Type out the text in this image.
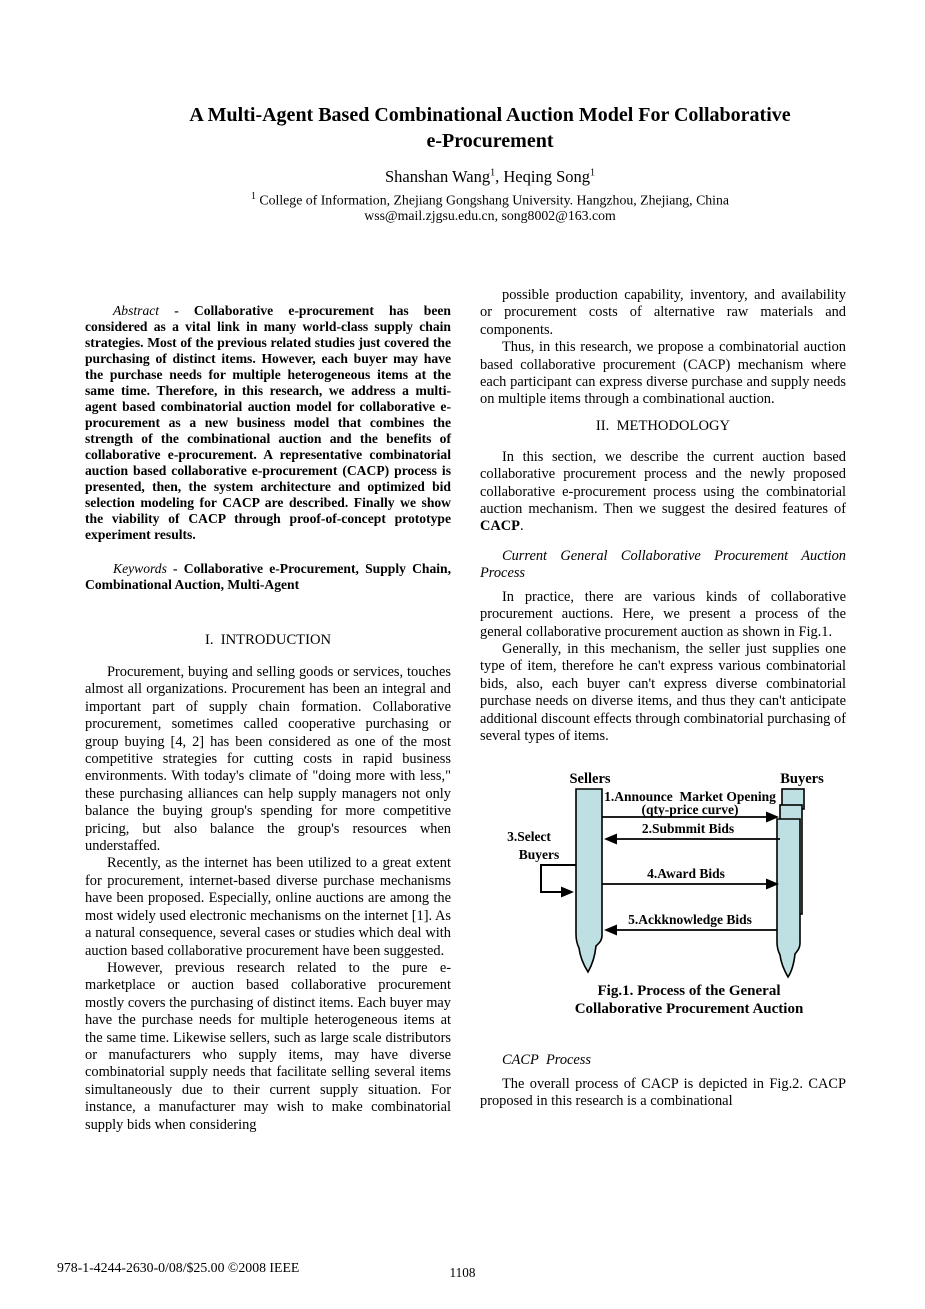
A Multi-Agent Based Combinational Auction Model For Collaborative
e-Procurement
Shanshan Wang$^1$, Heqing Song$^1$
$^1$ College of Information, Zhejiang Gongshang University. Hangzhou, Zhejiang, China
wss@mail.zjgsu.edu.cn, song8002@163.com

Abstract - Collaborative e-procurement has been considered as a vital link in many world-class supply chain strategies. Most of the previous related studies just covered the purchasing of distinct items. However, each buyer may have the purchase needs for multiple heterogeneous items at the same time. Therefore, in this research, we address a multi-agent based combinatorial auction model for collaborative e-procurement as a new business model that combines the strength of the combinational auction and the benefits of collaborative e-procurement. A representative combinatorial auction based collaborative e-procurement (CACP) process is presented, then, the system architecture and optimized bid selection modeling for CACP are described. Finally we show the viability of CACP through proof-of-concept prototype experiment results.

Keywords - Collaborative e-Procurement, Supply Chain, Combinational Auction, Multi-Agent

I.  INTRODUCTION

Procurement, buying and selling goods or services, touches almost all organizations. Procurement has been an integral and important part of supply chain formation. Collaborative procurement, sometimes called cooperative purchasing or group buying [4, 2] has been considered as one of the most competitive strategies for cutting costs in rapid business environments. With today's climate of "doing more with less," these purchasing alliances can help supply managers not only balance the buying group's spending for more competitive pricing, but also balance the group's resources when understaffed.

Recently, as the internet has been utilized to a great extent for procurement, internet-based diverse purchase mechanisms have been proposed. Especially, online auctions are among the most widely used electronic mechanisms on the internet [1]. As a natural consequence, several cases or studies which deal with auction based collaborative procurement have been suggested.

However, previous research related to the pure e-marketplace or auction based collaborative procurement mostly covers the purchasing of distinct items. Each buyer may have the purchase needs for multiple heterogeneous items at the same time. Likewise sellers, such as large scale distributors or manufacturers who supply items, may have diverse combinatorial supply needs that facilitate selling several items simultaneously due to their current supply situation. For instance, a manufacturer may wish to make combinatorial supply bids when considering

possible production capability, inventory, and availability or procurement costs of alternative raw materials and components.

Thus, in this research, we propose a combinatorial auction based collaborative procurement (CACP) mechanism where each participant can express diverse purchase and supply needs on multiple items through a combinational auction.

II.  METHODOLOGY

In this section, we describe the current auction based collaborative procurement process and the newly proposed collaborative e-procurement process using the combinatorial auction mechanism. Then we suggest the desired features of CACP.

Current General Collaborative Procurement Auction Process

In practice, there are various kinds of collaborative procurement auctions. Here, we present a process of the general collaborative procurement auction as shown in Fig.1.

Generally, in this mechanism, the seller just supplies one type of item, therefore he can't express various combinatorial bids, also, each buyer can't express diverse combinatorial purchase needs on diverse items, and thus they can't anticipate additional discount effects through combinatorial purchasing of several types of items.

Sellers	Buyers
1.Announce  Market Opening
(qty-price curve)
2.Submmit Bids
3.Select
Buyers
4.Award Bids
5.Ackknowledge Bids
Fig.1. Process of the General
Collaborative Procurement Auction

CACP  Process

The overall process of CACP is depicted in Fig.2. CACP proposed in this research is a combinational

978-1-4244-2630-0/08/$25.00 ©2008 IEEE	1108
